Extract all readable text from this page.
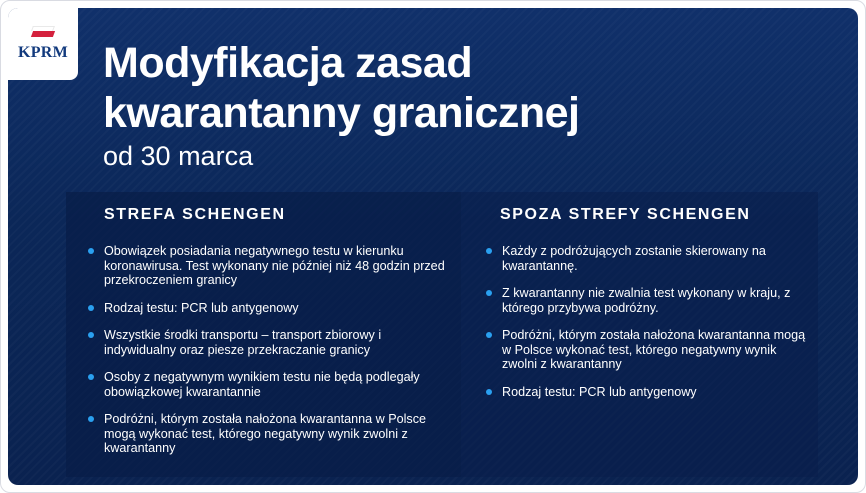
KPRM Modyfikacja zasad
kwarantanny granicznej
od 30 marca
STREFA SCHENGEN
Obowiązek posiadania negatywnego testu w kierunku koronawirusa. Test wykonany nie później niż 48 godzin przed przekroczeniem granicy
Rodzaj testu: PCR lub antygenowy
Wszystkie środki transportu – transport zbiorowy i indywidualny oraz piesze przekraczanie granicy
Osoby z negatywnym wynikiem testu nie będą podlegały obowiązkowej kwarantannie
Podróżni, którym została nałożona kwarantanna w Polsce mogą wykonać test, którego negatywny wynik zwolni z kwarantanny
SPOZA STREFY SCHENGEN
Każdy z podróżujących zostanie skierowany na kwarantannę.
Z kwarantanny nie zwalnia test wykonany w kraju, z którego przybywa podróżny.
Podróżni, którym została nałożona kwarantanna mogą w Polsce wykonać test, którego negatywny wynik zwolni z kwarantanny
Rodzaj testu: PCR lub antygenowy
